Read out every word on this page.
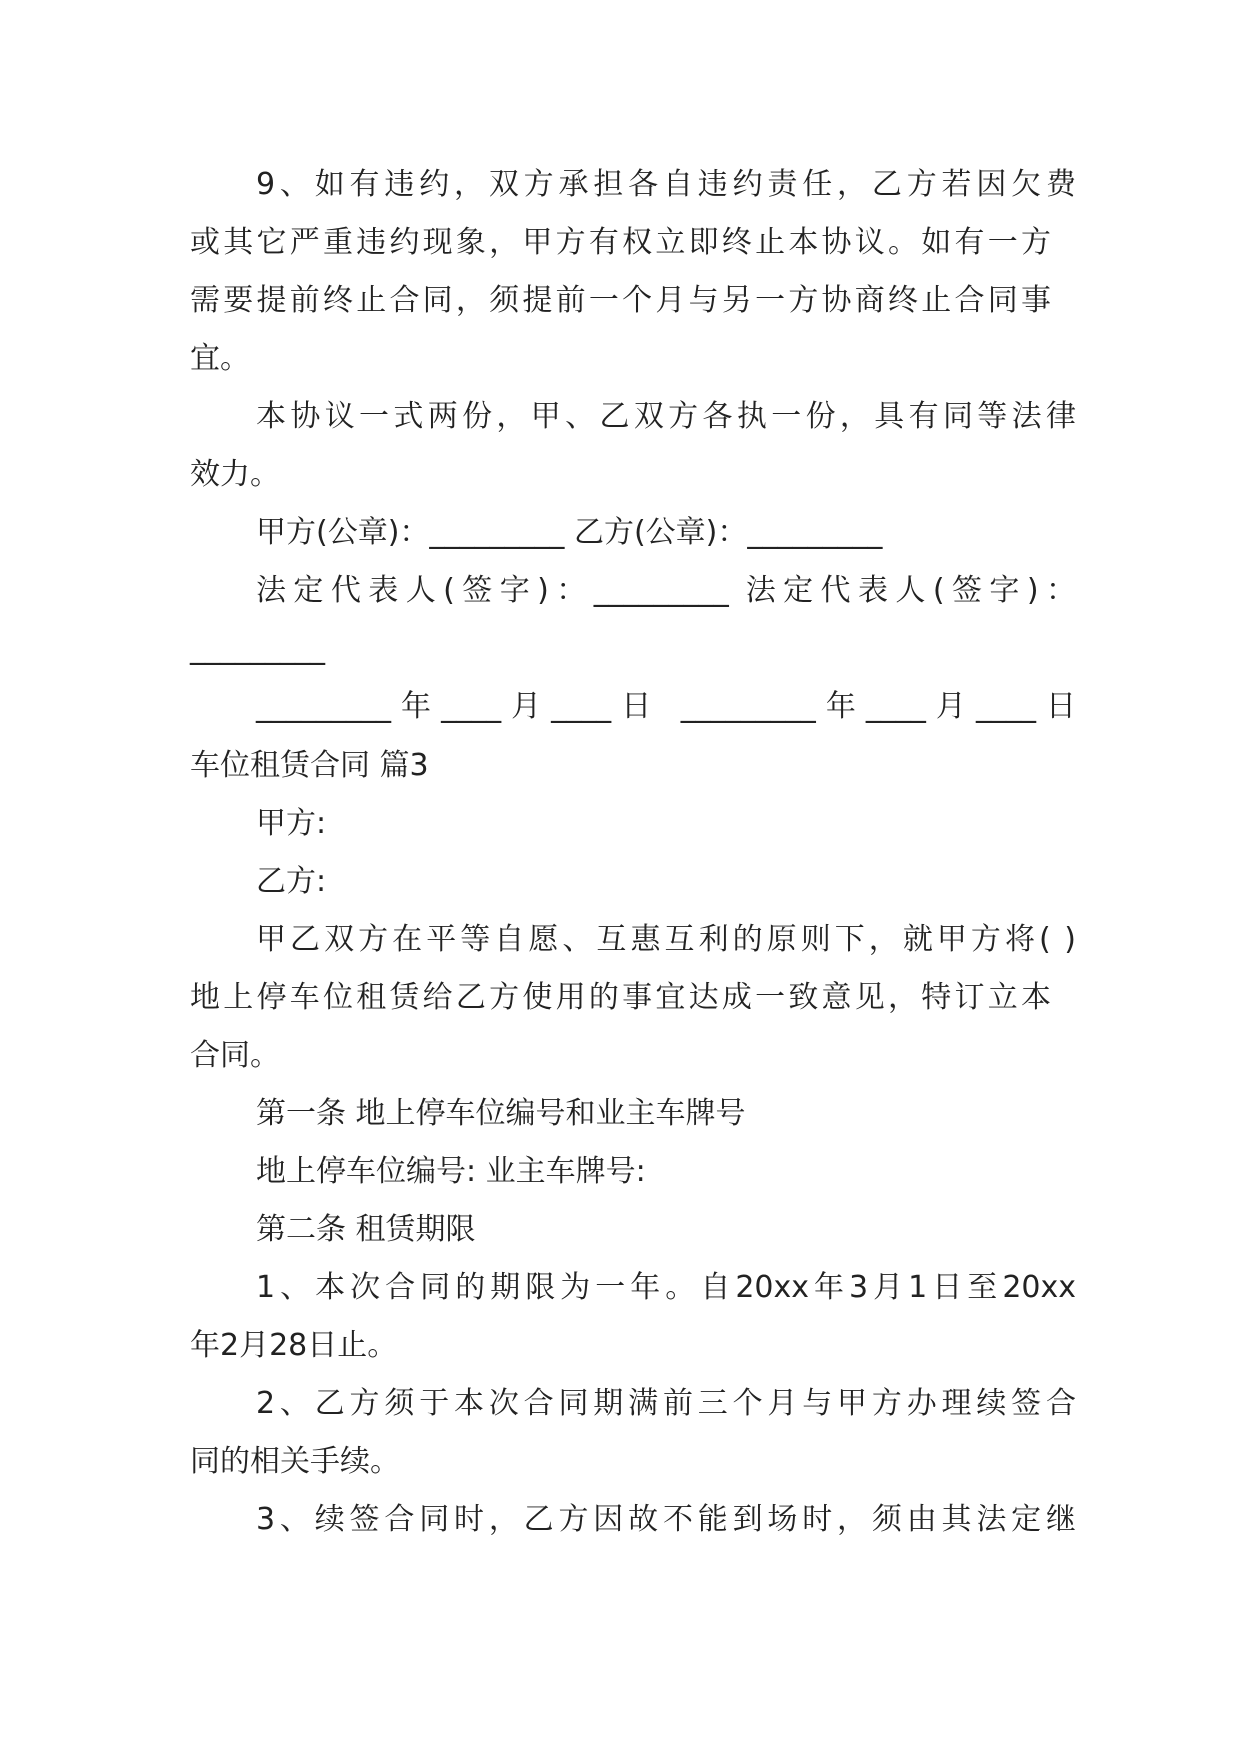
9、如有违约，双方承担各自违约责任，乙方若因欠费
或其它严重违约现象，甲方有权立即终止本协议。如有一方
需要提前终止合同，须提前一个月与另一方协商终止合同事
宜。
本协议一式两份，甲、乙双方各执一份，具有同等法律
效力。
甲方(公章)：_________ 乙方(公章)：_________
法定代表人(签字)：_________ 法定代表人(签字)：
_________
_________年____月____日 _________年____月____日
车位租赁合同 篇3
甲方:
乙方:
甲乙双方在平等自愿、互惠互利的原则下，就甲方将( )
地上停车位租赁给乙方使用的事宜达成一致意见，特订立本
合同。
第一条 地上停车位编号和业主车牌号
地上停车位编号: 业主车牌号:
第二条 租赁期限
1、本次合同的期限为一年。自20xx年3月1日至20xx
年2月28日止。
2、乙方须于本次合同期满前三个月与甲方办理续签合
同的相关手续。
3、续签合同时，乙方因故不能到场时，须由其法定继
